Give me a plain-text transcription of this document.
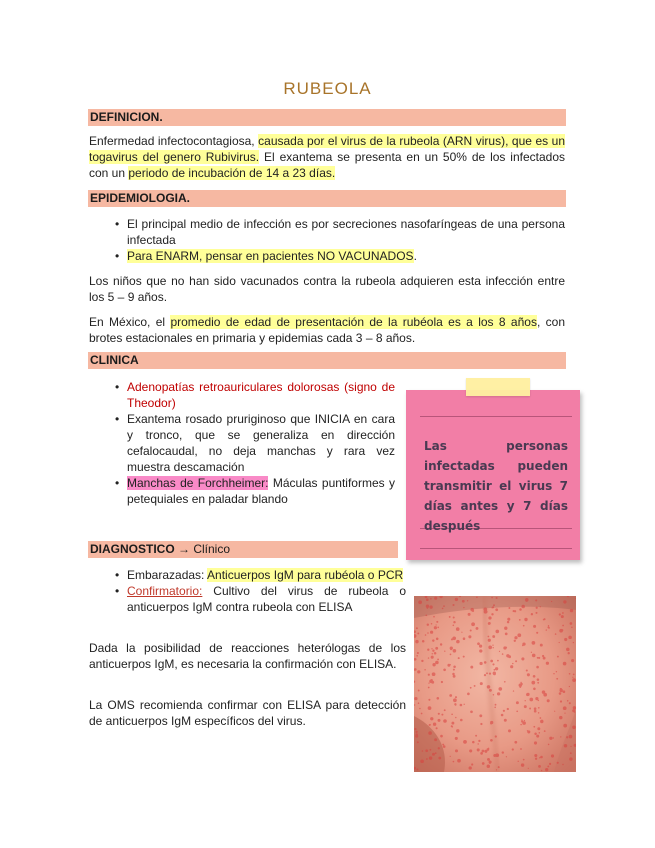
RUBEOLA
DEFINICION.
Enfermedad infectocontagiosa, causada por el virus de la rubeola (ARN virus), que es un togavirus del genero Rubivirus. El exantema se presenta en un 50% de los infectados con un periodo de incubación de 14 a 23 días.
EPIDEMIOLOGIA.
• El principal medio de infección es por secreciones nasofaríngeas de una persona infectada
• Para ENARM, pensar en pacientes NO VACUNADOS.
Los niños que no han sido vacunados contra la rubeola adquieren esta infección entre los 5 – 9 años.
En México, el promedio de edad de presentación de la rubéola es a los 8 años, con brotes estacionales en primaria y epidemias cada 3 – 8 años.
CLINICA
• Adenopatías retroauriculares dolorosas (signo de Theodor)
• Exantema rosado pruriginoso que INICIA en cara y tronco, que se generaliza en dirección cefalocaudal, no deja manchas y rara vez muestra descamación
• Manchas de Forchheimer: Máculas puntiformes y petequiales en paladar blando
Las personas infectadas pueden transmitir el virus 7 días antes y 7 días después
DIAGNOSTICO → Clínico
• Embarazadas: Anticuerpos IgM para rubéola o PCR
• Confirmatorio: Cultivo del virus de rubeola o anticuerpos IgM contra rubeola con ELISA
Dada la posibilidad de reacciones heterólogas de los anticuerpos IgM, es necesaria la confirmación con ELISA.
La OMS recomienda confirmar con ELISA para detección de anticuerpos IgM específicos del virus.
